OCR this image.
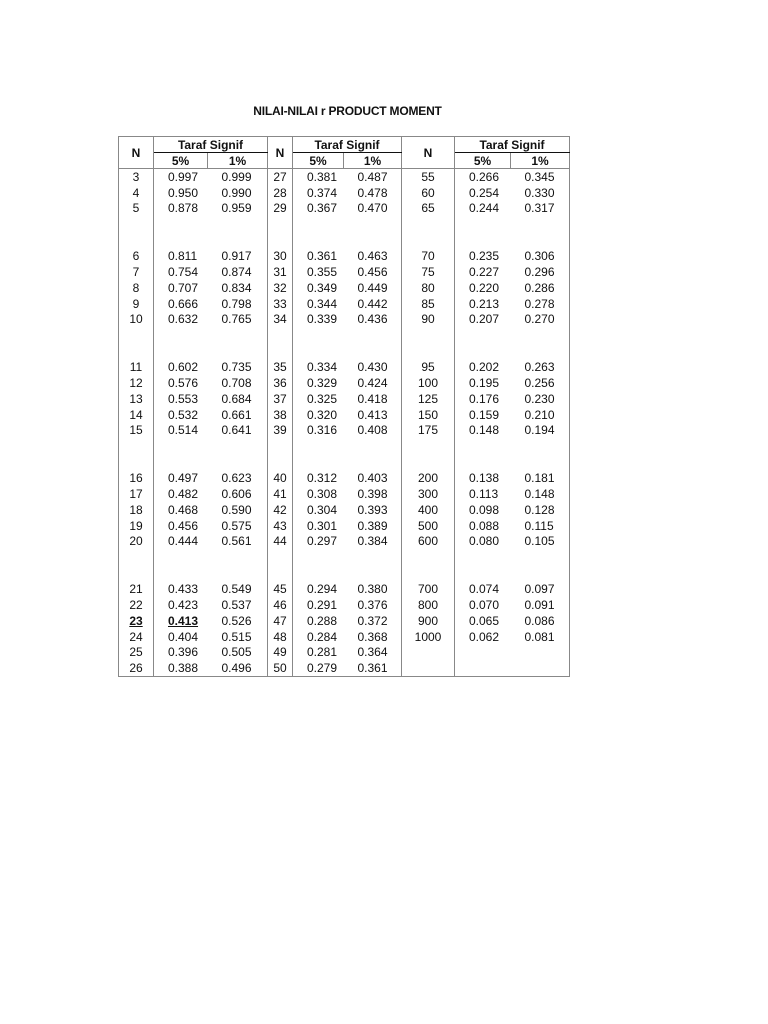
NILAI-NILAI r PRODUCT MOMENT
N	Taraf Signif		N	Taraf Signif		N	Taraf Signif	
	5%	1%		5%	1%		5%	1%
3	0.997	0.999	27	0.381	0.487	55	0.266	0.345
4	0.950	0.990	28	0.374	0.478	60	0.254	0.330
5	0.878	0.959	29	0.367	0.470	65	0.244	0.317

6	0.811	0.917	30	0.361	0.463	70	0.235	0.306
7	0.754	0.874	31	0.355	0.456	75	0.227	0.296
8	0.707	0.834	32	0.349	0.449	80	0.220	0.286
9	0.666	0.798	33	0.344	0.442	85	0.213	0.278
10	0.632	0.765	34	0.339	0.436	90	0.207	0.270

11	0.602	0.735	35	0.334	0.430	95	0.202	0.263
12	0.576	0.708	36	0.329	0.424	100	0.195	0.256
13	0.553	0.684	37	0.325	0.418	125	0.176	0.230
14	0.532	0.661	38	0.320	0.413	150	0.159	0.210
15	0.514	0.641	39	0.316	0.408	175	0.148	0.194

16	0.497	0.623	40	0.312	0.403	200	0.138	0.181
17	0.482	0.606	41	0.308	0.398	300	0.113	0.148
18	0.468	0.590	42	0.304	0.393	400	0.098	0.128
19	0.456	0.575	43	0.301	0.389	500	0.088	0.115
20	0.444	0.561	44	0.297	0.384	600	0.080	0.105

21	0.433	0.549	45	0.294	0.380	700	0.074	0.097
22	0.423	0.537	46	0.291	0.376	800	0.070	0.091
23	0.413	0.526	47	0.288	0.372	900	0.065	0.086
24	0.404	0.515	48	0.284	0.368	1000	0.062	0.081
25	0.396	0.505	49	0.281	0.364			
26	0.388	0.496	50	0.279	0.361			
